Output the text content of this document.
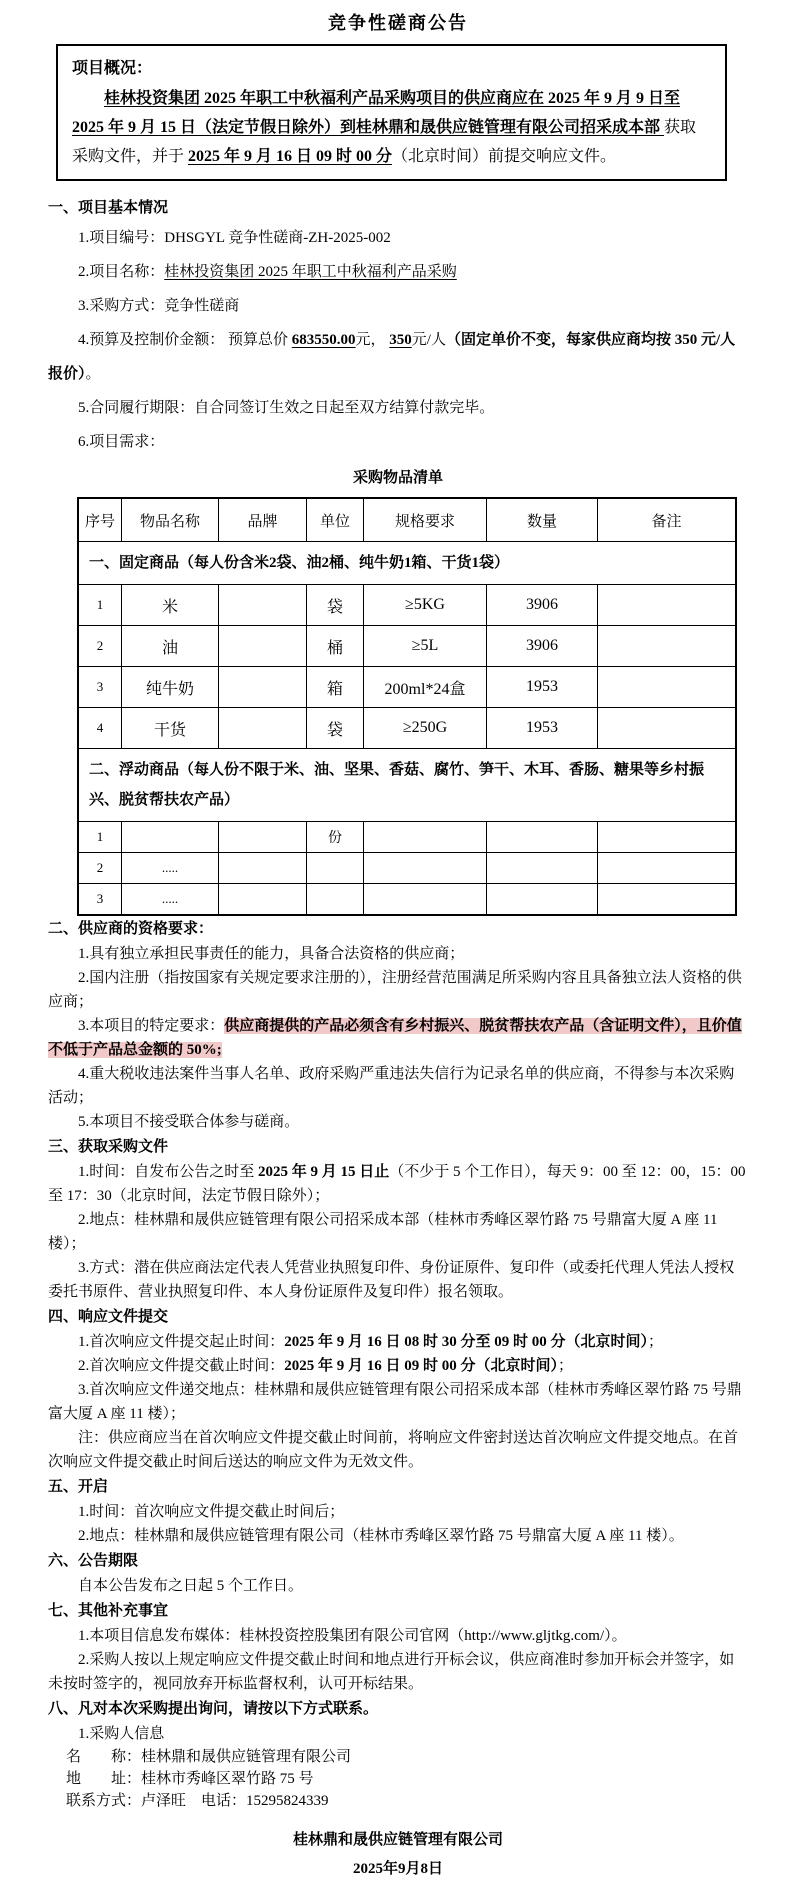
竞争性磋商公告
项目概况：

桂林投资集团 2025 年职工中秋福利产品采购项目的供应商应在 2025 年 9 月 9 日至 2025 年 9 月 15 日（法定节假日除外）到桂林鼎和晟供应链管理有限公司招采成本部 获取采购文件，并于 2025 年 9 月 16 日 09 时 00 分（北京时间）前提交响应文件。

一、项目基本情况

1.项目编号：DHSGYL 竞争性磋商-ZH-2025-002

2.项目名称：桂林投资集团 2025 年职工中秋福利产品采购

3.采购方式：竞争性磋商

4.预算及控制价金额： 预算总价 683550.00元， 350元/人（固定单价不变，每家供应商均按 350 元/人报价）。

5.合同履行期限：自合同签订生效之日起至双方结算付款完毕。

6.项目需求：

采购物品清单
序号	物品名称	品牌	单位	规格要求	数量	备注
一、固定商品（每人份含米2袋、油2桶、纯牛奶1箱、干货1袋）						
1	米		袋	≥5KG	3906	
2	油		桶	≥5L	3906	
3	纯牛奶		箱	200ml*24盒	1953	
4	干货		袋	≥250G	1953	
二、浮动商品（每人份不限于米、油、坚果、香菇、腐竹、笋干、木耳、香肠、糖果等乡村振兴、脱贫帮扶农产品）						
1			份			
2	.....					
3	.....					
二、供应商的资格要求：

1.具有独立承担民事责任的能力，具备合法资格的供应商；

2.国内注册（指按国家有关规定要求注册的），注册经营范围满足所采购内容且具备独立法人资格的供应商；

3.本项目的特定要求：供应商提供的产品必须含有乡村振兴、脱贫帮扶农产品（含证明文件），且价值不低于产品总金额的 50%;

4.重大税收违法案件当事人名单、政府采购严重违法失信行为记录名单的供应商，不得参与本次采购活动；

5.本项目不接受联合体参与磋商。

三、获取采购文件

1.时间：自发布公告之时至 2025 年 9 月 15 日止（不少于 5 个工作日），每天 9：00 至 12：00，15：00 至 17：30（北京时间，法定节假日除外）；

2.地点：桂林鼎和晟供应链管理有限公司招采成本部（桂林市秀峰区翠竹路 75 号鼎富大厦 A 座 11 楼）；

3.方式：潜在供应商法定代表人凭营业执照复印件、身份证原件、复印件（或委托代理人凭法人授权委托书原件、营业执照复印件、本人身份证原件及复印件）报名领取。

四、响应文件提交

1.首次响应文件提交起止时间：2025 年 9 月 16 日 08 时 30 分至 09 时 00 分（北京时间）；

2.首次响应文件提交截止时间：2025 年 9 月 16 日 09 时 00 分（北京时间）；

3.首次响应文件递交地点：桂林鼎和晟供应链管理有限公司招采成本部（桂林市秀峰区翠竹路 75 号鼎富大厦 A 座 11 楼）；

注：供应商应当在首次响应文件提交截止时间前，将响应文件密封送达首次响应文件提交地点。在首次响应文件提交截止时间后送达的响应文件为无效文件。

五、开启

1.时间：首次响应文件提交截止时间后；

2.地点：桂林鼎和晟供应链管理有限公司（桂林市秀峰区翠竹路 75 号鼎富大厦 A 座 11 楼）。

六、公告期限

自本公告发布之日起 5 个工作日。

七、其他补充事宜

1.本项目信息发布媒体：桂林投资控股集团有限公司官网（http://www.gljtkg.com/）。

2.采购人按以上规定响应文件提交截止时间和地点进行开标会议，供应商准时参加开标会并签字，如未按时签字的，视同放弃开标监督权利，认可开标结果。

八、凡对本次采购提出询问，请按以下方式联系。

1.采购人信息

名　　称：桂林鼎和晟供应链管理有限公司

地　　址：桂林市秀峰区翠竹路 75 号

联系方式：卢泽旺　电话：15295824339

桂林鼎和晟供应链管理有限公司
2025年9月8日
